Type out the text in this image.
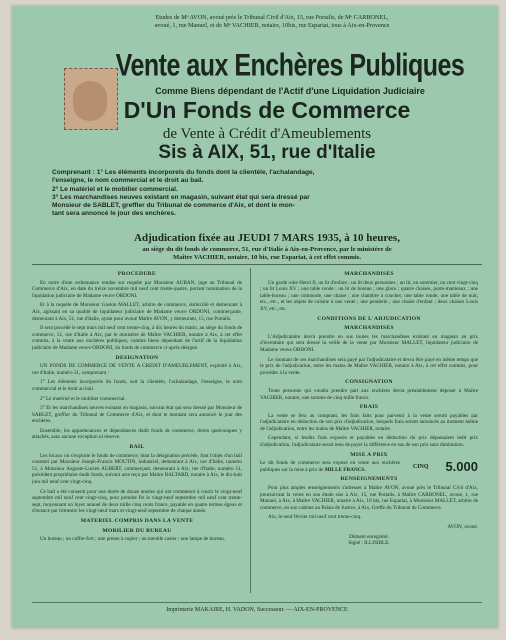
Etudes de Mᵉ AVON, avoué près le Tribunal Civil d'Aix, 15, rue Portalis, de Mᵉ CARBONEL,
avoué, 1, rue Manuel, et de Mᵉ VACHIER, notaire, 10bis, rue Espariat, tous à Aix-en-Provence
Vente aux Enchères Publiques
Comme Biens dépendant de l'Actif d'une Liquidation Judiciaire
D'Un Fonds de Commerce
de Vente à Crédit d'Ameublements
Sis à AIX, 51, rue d'Italie

Comprenant : 1° Les éléments incorporels du fonds dont la clientèle, l'achalandage,

l'enseigne, le nom commercial et le droit au bail.

2° Le matériel et le mobilier commercial.

3° Les marchandises neuves existant en magasin, suivant état qui sera dressé par

Monsieur de SABLET, greffier du Tribunal de commerce d'Aix, et dont le mon-

tant sera annoncé le jour des enchères.

Adjudication fixée au JEUDI 7 MARS 1935, à 10 heures,
au siège du dit fonds de commerce, 51, rue d'Italie à Aix-en-Provence, par le ministère de
Maître VACHIER, notaire, 10 bis, rue Espariat, à cet effet commis.
PROCEDURE

En outre d'une ordonnance rendue sur requête par Monsieur AUBAN, juge au Tribunal de Commerce d'Aix, en date du treize novembre mil neuf cent trente-quatre, portant nomination de la liquidation judiciaire de Madame veuve ORDONI.

Et à la requête de Monsieur Gaston MALLET, arbitre de commerce, domicilié et demeurant à Aix, agissant en sa qualité de liquidateur judiciaire de Madame veuve ORDONI, commerçante, demeurant à Aix, 51, rue d'Italie, ayant pour avoué Maître AVON, y demeurant, 15, rue Portalis.

Il sera procédé le sept mars mil neuf cent trente-cinq, à dix heures du matin, au siège du fonds de commerce, 51, rue d'Italie à Aix, par le ministère de Maître VACHIER, notaire à Aix, à cet effet commis, à la vente aux enchères publiques, comme biens dépendant de l'actif de la liquidation judiciaire de Madame veuve ORDONI, du fonds de commerce ci-après désigné.

DESIGNATION

UN FONDS DE COMMERCE DE VENTE A CREDIT D'AMEUBLEMENT, exploité à Aix, rue d'Italie, numéro 51, comprenant :

1° Les éléments incorporels du fonds, soit la clientèle, l'achalandage, l'enseigne, le nom commercial et le droit au bail.

2° Le matériel et le mobilier commercial.

3° Et les marchandises neuves existant en magasin, suivant état qui sera dressé par Monsieur de SABLET, greffier du Tribunal de Commerce d'Aix, et dont le montant sera annoncé le jour des enchères.

Ensemble, les appartenances et dépendances dudit fonds de commerce, droits quelconques y attachés, sans aucune exception ni réserve.

BAIL

Les locaux où s'exploite le fonds de commerce, dont la désignation précède, font l'objet d'un bail consenti par Monsieur Joseph-Francis MOUTIN, industriel, demeurant à Aix, rue d'Italie, numéro 51, à Monsieur Auguste-Lucien AUBERT, commerçant, demeurant à Aix, rue d'Italie, numéro 51, précédent propriétaire dudit fonds, suivant acte reçu par Maître BALTARD, notaire à Aix, le dix-huit juin mil neuf cent vingt-cinq.

Ce bail a été consenti pour une durée de douze années qui ont commencé à courir le vingt-neuf septembre mil neuf cent vingt-cinq, pour prendre fin le vingt-neuf septembre mil neuf cent trente-sept, moyennant un loyer annuel de deux mille cinq cents francs, payable en quatre termes égaux et d'avance par trimestre les vingt-neuf mars et vingt-neuf septembre de chaque année.

MATERIEL COMPRIS DANS LA VENTE
MOBILIER DU BUREAU

Un bureau ; un coffre-fort ; une presse à copier ; un meuble casier ; une lampe de bureau.

MARCHANDISES

Un garde robe Henri II, un lit d'enfant ; un lit deux personnes ; un lit, un sommier, un cent vingt-cinq ; un lit Louis XV ; une table ronde ; un lit de bureau ; une glace ; quatre chaises, porte-manteaux ; une table-bureau ; une commode, une chaise ; une chambre à coucher, une table ronde, une table de nuit, etc., etc., et les objets de cuisine à une vente ; une penderie ; une chaise d'enfant ; deux chaises Louis XV, etc., etc.

CONDITIONS DE L'ADJUDICATION
MARCHANDISES

L'Adjudicataire devra prendre en sus toutes les marchandises existant en magasin au prix d'inventaire qui sera dressé la veille de la vente par Monsieur MALLET, liquidateur judiciaire de Madame veuve ORDONI.

Le montant de ces marchandises sera payé par l'adjudicataire et devra être payé en même temps que le prix de l'adjudication, entre les mains de Maître VACHIER, notaire à Aix, à cet effet commis, pour procéder à la vente.

CONSIGNATION

Toute personne qui voudra prendre part aux enchères devra préalablement déposer à Maître VACHIER, notaire, une somme de cinq mille francs.

FRAIS

La vente se fera au comptant, les frais faits pour parvenir à la vente seront payables par l'adjudicataire en déduction de son prix d'adjudication, lesquels frais seront annoncés au moment même de l'adjudication, entre les mains de Maître VACHIER, notaire.

Cependant, si lesdits frais exposés et payables en déduction du prix dépassaient ledit prix d'adjudication, l'adjudicataire serait tenu de payer la différence en sus de son prix sans diminution.

MISE A PRIX
Le dit fonds de commerce sera exposé en vente aux enchères publiques sur la mise à prix de MILLE FRANCS.
CINQ 5.000
RENSEIGNEMENTS

Pour plus amples renseignements s'adresser à Maître AVON, avoué près le Tribunal Civil d'Aix, poursuivant la vente en son étude sise à Aix, 15, rue Portalis, à Maître CARBONEL, avoué, 1, rue Manuel, à Aix, à Maître VACHIER, notaire à Aix, 10 bis, rue Espariat, à Monsieur MALLET, arbitre de commerce, en son cabinet au Palais de Justice, à Aix, Greffe du Tribunal de Commerce.

Aix, le neuf février mil neuf cent trente-cinq.

AVON, avoué.

Dûment enregistré.

Signé : ILLISIBLE.

Imprimerie MAKAIRE, H. VADON, Successeur. — AIX-EN-PROVENCE
